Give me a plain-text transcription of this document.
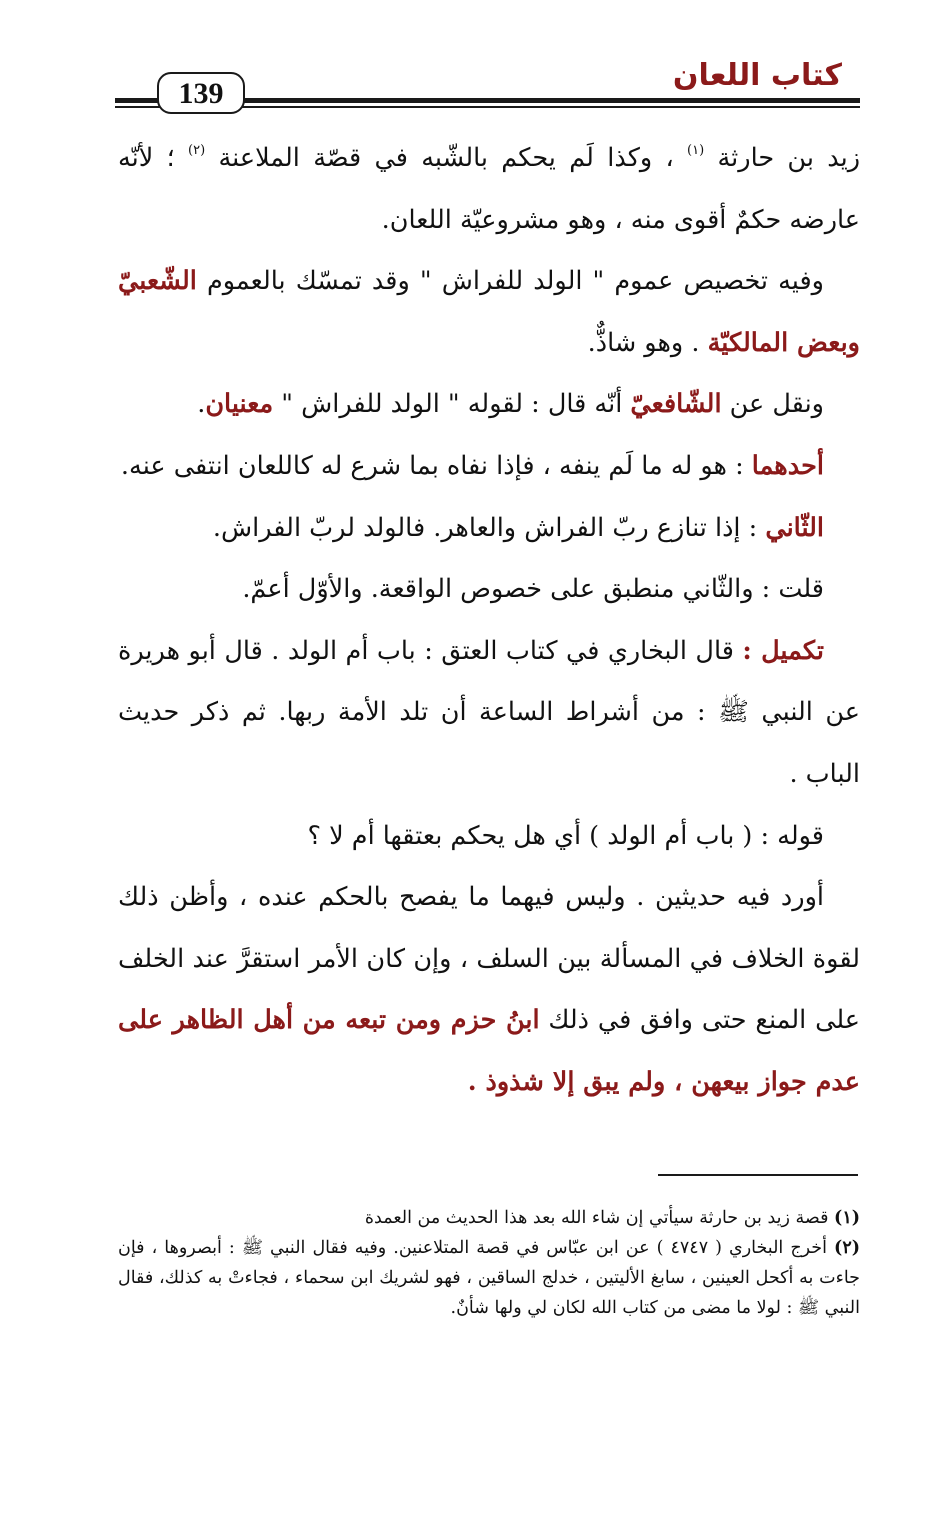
كتاب اللعان
139

زيد بن حارثة $^{(١)}$ ، وكذا لَم يحكم بالشّبه في قصّة الملاعنة $^{(٢)}$ ؛ لأنّه عارضه حكمٌ أقوى منه ، وهو مشروعيّة اللعان.

وفيه تخصيص عموم " الولد للفراش " وقد تمسّك بالعموم الشّعبيّ وبعض المالكيّة . وهو شاذٌّ.

ونقل عن الشّافعيّ أنّه قال : لقوله " الولد للفراش " معنيان.

أحدهما : هو له ما لَم ينفه ، فإذا نفاه بما شرع له كاللعان انتفى عنه.

الثّاني : إذا تنازع ربّ الفراش والعاهر. فالولد لربّ الفراش.

قلت : والثّاني منطبق على خصوص الواقعة. والأوّل أعمّ.

تكميل : قال البخاري في كتاب العتق : باب أم الولد . قال أبو هريرة عن النبي ﷺ : من أشراط الساعة أن تلد الأمة ربها. ثم ذكر حديث الباب .

قوله : ( باب أم الولد ) أي هل يحكم بعتقها أم لا ؟

أورد فيه حديثين . وليس فيهما ما يفصح بالحكم عنده ، وأظن ذلك لقوة الخلاف في المسألة بين السلف ، وإن كان الأمر استقرَّ عند الخلف على المنع حتى وافق في ذلك ابنُ حزم ومن تبعه من أهل الظاهر على عدم جواز بيعهن ، ولم يبق إلا شذوذ .

(١) قصة زيد بن حارثة سيأتي إن شاء الله بعد هذا الحديث من العمدة

(٢) أخرج البخاري ( ٤٧٤٧ ) عن ابن عبّاس في قصة المتلاعنين. وفيه فقال النبي ﷺ : أبصروها ، فإن جاءت به أكحل العينين ، سابغ الأليتين ، خدلج الساقين ، فهو لشريك ابن سحماء ، فجاءتْ به كذلك، فقال النبي ﷺ : لولا ما مضى من كتاب الله لكان لي ولها شأنٌ.
